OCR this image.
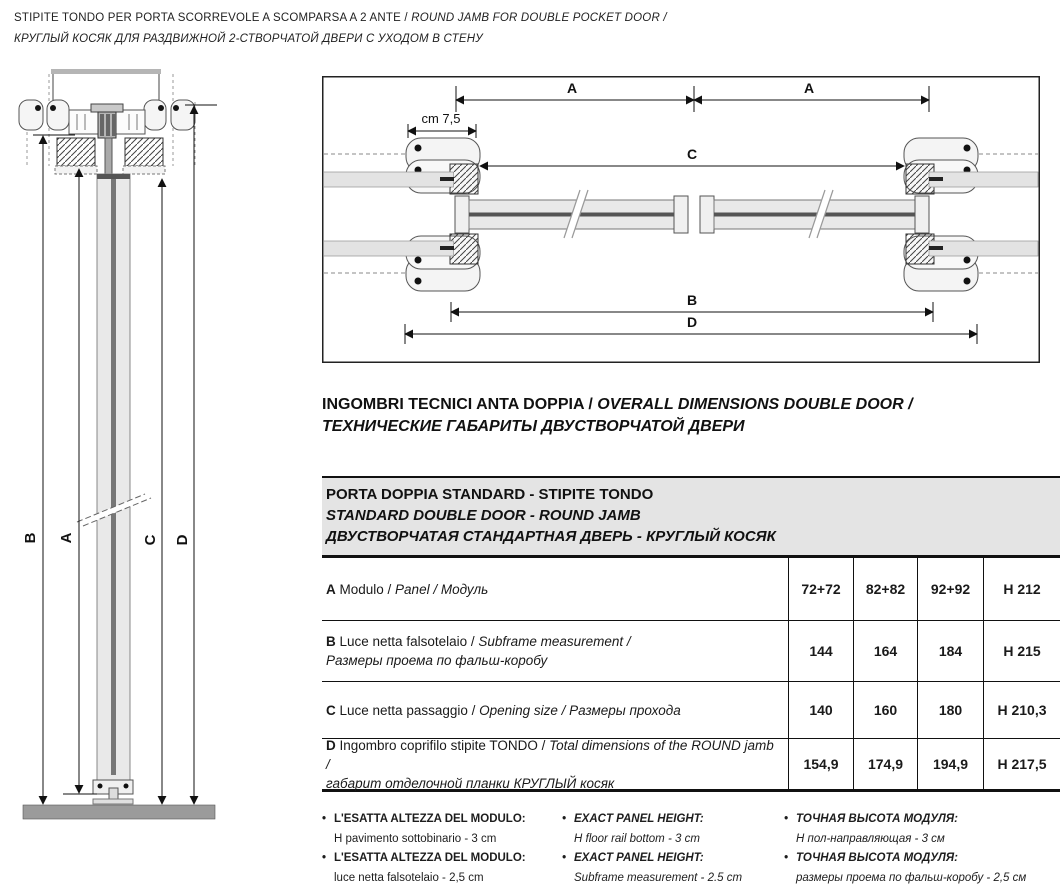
STIPITE TONDO PER PORTA SCORREVOLE A SCOMPARSA A 2 ANTE / ROUND JAMB FOR DOUBLE POCKET DOOR /
КРУГЛЫЙ КОСЯК ДЛЯ РАЗДВИЖНОЙ 2-СТВОРЧАТОЙ ДВЕРИ С УХОДОМ В СТЕНУ
B A	C D
A	A
cm 7,5
C
B
D
INGOMBRI TECNICI ANTA DOPPIA / OVERALL DIMENSIONS DOUBLE DOOR /
ТЕХНИЧЕСКИЕ ГАБАРИТЫ ДВУСТВОРЧАТОЙ ДВЕРИ
PORTA DOPPIA STANDARD - STIPITE TONDO
STANDARD DOUBLE DOOR - ROUND JAMB
ДВУСТВОРЧАТАЯ СТАНДАРТНАЯ ДВЕРЬ - КРУГЛЫЙ КОСЯК
A Modulo / Panel / Модуль	72+72	82+82	92+92	H 212
B Luce netta falsotelaio / Subframe measurement /
Размеры проема по фальш-коробу
144	164	184	H 215
C Luce netta passaggio / Opening size / Размеры прохода	140	160	180	H 210,3
D Ingombro coprifilo stipite TONDO / Total dimensions of the ROUND jamb /
габарит отделочной планки КРУГЛЫЙ косяк
154,9	174,9	194,9	H 217,5
• L'ESATTA ALTEZZA DEL MODULO:
H pavimento sottobinario - 3 cm
• L'ESATTA ALTEZZA DEL MODULO:
luce netta falsotelaio - 2,5 cm
• EXACT PANEL HEIGHT:
H floor rail bottom - 3 cm
• EXACT PANEL HEIGHT:
Subframe measurement - 2.5 cm
• ТОЧНАЯ ВЫСОТА МОДУЛЯ:
Н пол-направляющая - 3 см
• ТОЧНАЯ ВЫСОТА МОДУЛЯ:
размеры проема по фальш-коробу - 2,5 см
